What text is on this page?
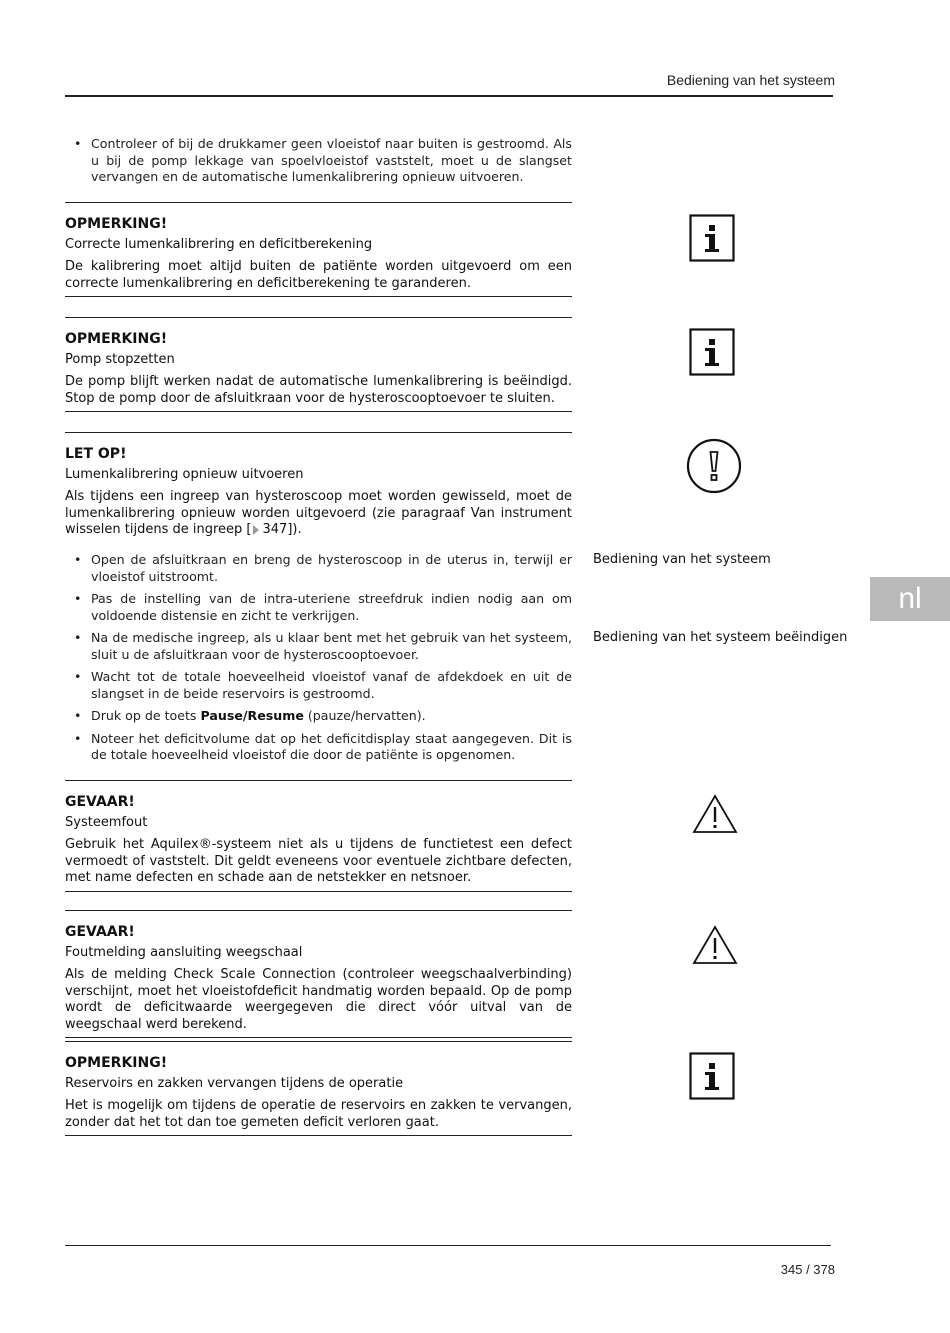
Bediening van het systeem
• Controleer of bij de drukkamer geen vloeistof naar buiten is gestroomd. Als u bij de pomp lekkage van spoelvloeistof vaststelt, moet u de slangset vervangen en de automatische lumenkalibrering opnieuw uitvoeren.
OPMERKING!
Correcte lumenkalibrering en deficitberekening
De kalibrering moet altijd buiten de patiënte worden uitgevoerd om een correcte lumenkalibrering en deficitberekening te garanderen.
OPMERKING!
Pomp stopzetten
De pomp blijft werken nadat de automatische lumenkalibrering is beëindigd. Stop de pomp door de afsluitkraan voor de hysteroscooptoevoer te sluiten.
LET OP!
Lumenkalibrering opnieuw uitvoeren
Als tijdens een ingreep van hysteroscoop moet worden gewisseld, moet de lumenkalibrering opnieuw worden uitgevoerd (zie paragraaf Van instrument wisselen tijdens de ingreep [ 347]).
• Open de afsluitkraan en breng de hysteroscoop in de uterus in, terwijl er vloeistof uitstroomt.
• Pas de instelling van de intra-uteriene streefdruk indien nodig aan om voldoende distensie en zicht te verkrijgen.
• Na de medische ingreep, als u klaar bent met het gebruik van het systeem, sluit u de afsluitkraan voor de hysteroscooptoevoer.
• Wacht tot de totale hoeveelheid vloeistof vanaf de afdekdoek en uit de slangset in de beide reservoirs is gestroomd.
• Druk op de toets Pause/Resume (pauze/hervatten).
• Noteer het deficitvolume dat op het deficitdisplay staat aangegeven. Dit is de totale hoeveelheid vloeistof die door de patiënte is opgenomen.
Bediening van het systeem
Bediening van het systeem beëindigen
nl
GEVAAR!
Systeemfout
Gebruik het Aquilex®-systeem niet als u tijdens de functietest een defect vermoedt of vaststelt. Dit geldt eveneens voor eventuele zichtbare defecten, met name defecten en schade aan de netstekker en netsnoer.
GEVAAR!
Foutmelding aansluiting weegschaal
Als de melding Check Scale Connection (controleer weegschaalverbinding) verschijnt, moet het vloeistofdeficit handmatig worden bepaald. Op de pomp wordt de deficitwaarde weergegeven die direct vóór uitval van de weegschaal werd berekend.
OPMERKING!
Reservoirs en zakken vervangen tijdens de operatie
Het is mogelijk om tijdens de operatie de reservoirs en zakken te vervangen, zonder dat het tot dan toe gemeten deficit verloren gaat.
345 / 378
